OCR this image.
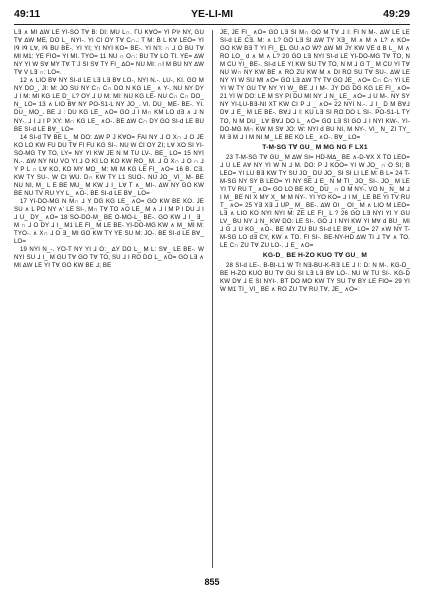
49:11	YE-LI-MI	49:29

L∃ ∧ MI ∆W LE YI-SO T∀ B: DI: MU L∩. ΓU K∀O= YI P⅌ NY, GU T∀ ∆W ME, DO L_ NYI-. YI CI OY T∀ C∩.: T M: B L K∀ LEO= YI Iᑫ Iᑫ L∀, Iᑫ BU BE-. YI YI; YI NYI KO= BE-. YI N'I: ∩ ⅃ O BU T∀ MI M1: YE FIO= YI MI. TYO= 11 NU ∩ O∩: BU T∀ LO TI. YE= ∆W NY YI W S∀ MY T∀ T J SI S∀ TY FI_ ∆O= NU MI: ∩I M BU NY ∆W T∀ V L∃ ∩: LO=.

12 ∧ LIO B∀ NY SI-d LE L∃ L∃ B∀ LO-, NYI N.-. LU-, KI. GO M NY DO_, JI: M: JO SU NY C∩ C∩ DO N KG LE_ ∧ Y-. NU NY DY ⅃ I M: MI KG LE D_ L? OY ⅃ U M: MI: NU KG LE- NU C∩ C∩ DO_ N_ LO= 13 ∧ LIO B∀ NY PO-S1-L NY JO_. VI. DU_ ME- BE-. YI. DU_ MO_. BE ⅃ : DU KG LE_ ∧O= GO ⅃ I M∩ KM LO d∃ ∧ ⅃ N NY-. ⅃ I ⅃ I P XY: M∩ KG LE_ ∧O-. BE ∆W C∩ DY GO SI-d LE BU BE SI-d LE B∀_ LO=

14 SI-d T∀ BE L_ M DO: ∆W P J K∀O= FAI NY ⅃ O X∩ ⅃ O JE KO LO KW FU DU T∀ FI FU KG SI-. NU W CI OY ZI; L∀ XO SI YI-SO-MG T∀ TO, LY= NY YI KW JE N M TU LV-. BE_ LO= 15 NYI N.-. ∆W NY NU VO YI ⅃ O KI LO KO KW RO_ M. ⅃ O X∩ ⅃ O ∩ ⅃ Y P L ∩ L∀ KO, KO MY MO_ M: MI M KG LE FI_ ∧O= 16 B. C∃. KW TY SU-. W CI WU. D∩ KW TY L1 SUO-. NU JO_ VI_ M- BE NU NI, M_ L E BE MU_ M KW ⅃ I_ L∀ T ∧_ MI-. ∆W NY GO KW BE NU TV RU YY L_ ∧O-. BE SI-d LE B∀_ LO=

17 YI-DO-MG N M∩ ⅃ Y DG KG LE_ ∧O= GO KW BE KO. JE SU ∧ L PO NY ∧' LE SI-, M∩ T∀ TO ∧O LE_ M ∧ ⅃ I M P I DU ⅃ I ⅃ U_ DY_ ∧O= 18 SO-DO-M_ BE O-MO-L_ BE-. GO KW ⅃ I_ ∃_ M ∩ ⅃ O DY ⅃ I_ M1 LE FI_ M LE BE- YI-DO-MG KW ∧ M_ MI M: TYO-. ∧ X∩ ⅃ O ∃_ MI GO KW TY YE SU M: JO-. BE SI-d LE B∀_ LO=

19 NYI N_-. YO-T NY YI ⅃ O:_ ∆Y DO L_ M L: S∀_ LE BE-. W NYI SU ⅃ I_ M GU T∀ GO T∀ TO, SU ⅃ I RO DO L_ ∧O= GO L∃ ∧ MI ∆W LE YI T∀ GO KW BE ⅃; BE

JE, JE FI_ ∧O= GO L∃ SI M∩ GO M T∀ ⅃ I: FI N M-. ∆W LE LE SI-d LE C∃. M: ∧ L? GO L∃ SI ∆W TY X∃_ M ∧ M ∧ L? ∧ KO= GO KW B∃ T YI FI_ E̲L GU ∧O W? ∆W MI JY KW VE d B L_ M ∧ RO LO_ d ∧ M ∧ L? 20 GO L∃ NYI SI-d LE YI-DO-MG T∀ TO, N M CU YI_ BE-. SI-d LE YI KW SU T∀ TO, N M ⅃ G T_ M CU YI T∀ NU W∩ NY KW BE ∧ RO ZU KW M ∧ DI RO SU T∀ SU-. ∆W LE NY YI W SU MI ∧O= GO L∃ ∆W TY T∀ GO JE_ ∧O= C∩ C∩ YI LE YI W TY GU T∀ NY YI W_ BE ⅃ I M-. JY DG DG KG LE FI_ ∧O= 21 YI W DO: LE M SY PI DU MI NY ⅃ N_ LE_ ∧O= ⅃ U M-. NY SY NY YI-LU-B∃-NI XT KW CI P ⅃ _ ∧O= 22 NYI N.-. ⅃ I_ D M B∀⅃ D∀ ⅃ E_ M LE BE-. B∀⅃ ⅃ I: KU L∃ SI RO DO L SI-. PO-S1-L TY TO, N M DU_ L∀ B∀⅃ DO L_ ∧O= GO L∃ SI GO ⅃ I NYI KW-. YI-DO-MG M∩ KW M S∀ JO: W: NYI d BU NI, M NY-. VI_ N_ ZI TY_ M ∃ M ⅃ I M NI M_ LE BE KO LE_ ∧O-. B∀_ LO=

T-M-SG T∀ GU_ M MG NG F LX1

23 T-M-SG T∀ GU_ M ∆W SI= HD-M∆_ BE ∧-D-∀X X TO LEO= ⅃ U LE A∀ NY YI W N ⅃ M. DO: P J KOO= YI W JO_ ∩ O SI; B LEO= YI LU B∃ KW TY SU JO_ DU JO_ SI SI LI LE M: B L= 24 T-M-SG NY SY B LEO= YI NY SE ⅃ E_ N M TI_ JO_ SI-. JO_ M LE YI TV RU T_ ∧O= GO LO BE KO_ DU_ ∩ O M NY-. VO N_ N_ M ⅃ I M_ BE NI X MY X_ M M NY-. YI YO KO= ⅃ I M_ LE BE YI TV RU T_ ∧O= 25 Y∃ X∃ ⅃ UP_ M_ BE-. ∆W OI _ OI_ M ∧ LIO M LEO= L∃ ∧ LIO KO NYI NYI M: ZE LE FI_ L ? 26 GO L∃ NYI YI Y GU LV_ BU NY ⅃ N_ KW DO: LE SI-. GO ⅃ I NYI KW YI M∀ d BU_ MI ⅃ G ⅃ U KG_ ∧O-. BE MY ZU BU SI-d LE B∀_ LO= 27 ∧W NY T-M-SG LO d∃ CY, KW ∧ TO. FI SI-. BE-NY-HD ∆W TI ⅃ T∀ ∧ TO. LE C∩ ZU T∀ ZU LO-. ⅃ E_ ∧O=

KG-D_ BE H-ZO KUO T∀ GU_ M

28 SI-d LE-. B-BI-L1 W TI N∃-BU-K-R∃ LE ⅃ I: D: N M-. KG-D_ BE H-ZO KUO BU T∀ GU SI L∃ L∃ B∀ LO-. NU W TU SI-. KG-D KW D∀ ⅃ E SI NYI-. BT DO MO KW TY SU T∀ BY LE FIO= 29 YI W M1 TI_ VI_ BE ∧ RO ZU T∀ RU T∀, JE_ ∧O=

855
